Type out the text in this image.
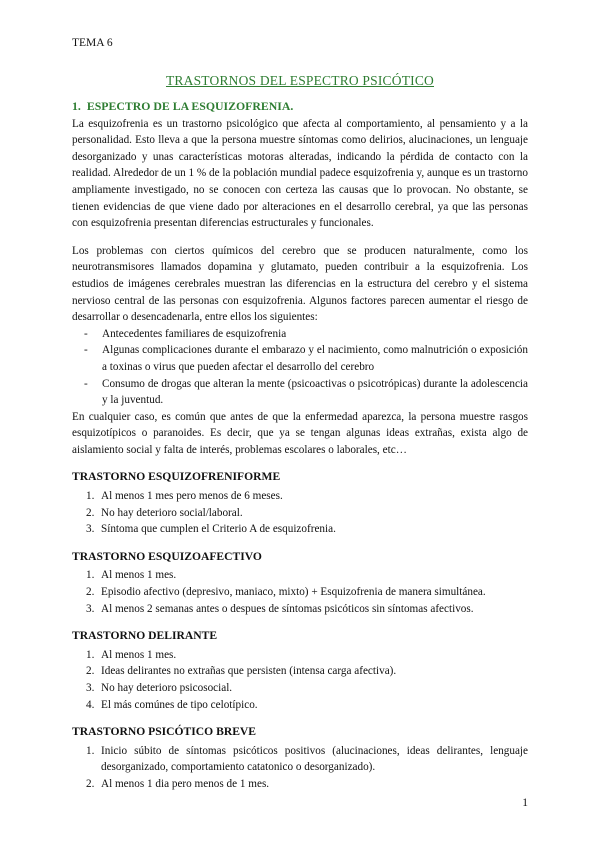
TEMA 6
TRASTORNOS DEL ESPECTRO PSICÓTICO
1. ESPECTRO DE LA ESQUIZOFRENIA.

La esquizofrenia es un trastorno psicológico que afecta al comportamiento, al pensamiento y a la personalidad. Esto lleva a que la persona muestre síntomas como delirios, alucinaciones, un lenguaje desorganizado y unas características motoras alteradas, indicando la pérdida de contacto con la realidad. Alrededor de un 1 % de la población mundial padece esquizofrenia y, aunque es un trastorno ampliamente investigado, no se conocen con certeza las causas que lo provocan. No obstante, se tienen evidencias de que viene dado por alteraciones en el desarrollo cerebral, ya que las personas con esquizofrenia presentan diferencias estructurales y funcionales.

Los problemas con ciertos químicos del cerebro que se producen naturalmente, como los neurotransmisores llamados dopamina y glutamato, pueden contribuir a la esquizofrenia. Los estudios de imágenes cerebrales muestran las diferencias en la estructura del cerebro y el sistema nervioso central de las personas con esquizofrenia. Algunos factores parecen aumentar el riesgo de desarrollar o desencadenarla, entre ellos los siguientes:

- Antecedentes familiares de esquizofrenia
- Algunas complicaciones durante el embarazo y el nacimiento, como malnutrición o exposición a toxinas o virus que pueden afectar el desarrollo del cerebro
- Consumo de drogas que alteran la mente (psicoactivas o psicotrópicas) durante la adolescencia y la juventud.

En cualquier caso, es común que antes de que la enfermedad aparezca, la persona muestre rasgos esquizotípicos o paranoides. Es decir, que ya se tengan algunas ideas extrañas, exista algo de aislamiento social y falta de interés, problemas escolares o laborales, etc…

TRASTORNO ESQUIZOFRENIFORME
1. Al menos 1 mes pero menos de 6 meses.
2. No hay deterioro social/laboral.
3. Síntoma que cumplen el Criterio A de esquizofrenia.
TRASTORNO ESQUIZOAFECTIVO
1. Al menos 1 mes.
2. Episodio afectivo (depresivo, maniaco, mixto) + Esquizofrenia de manera simultánea.
3. Al menos 2 semanas antes o despues de síntomas psicóticos sin síntomas afectivos.
TRASTORNO DELIRANTE
1. Al menos 1 mes.
2. Ideas delirantes no extrañas que persisten (intensa carga afectiva).
3. No hay deterioro psicosocial.
4. El más comúnes de tipo celotípico.
TRASTORNO PSICÓTICO BREVE
1. Inicio súbito de síntomas psicóticos positivos (alucinaciones, ideas delirantes, lenguaje desorganizado, comportamiento catatonico o desorganizado).
2. Al menos 1 dia pero menos de 1 mes.
1
